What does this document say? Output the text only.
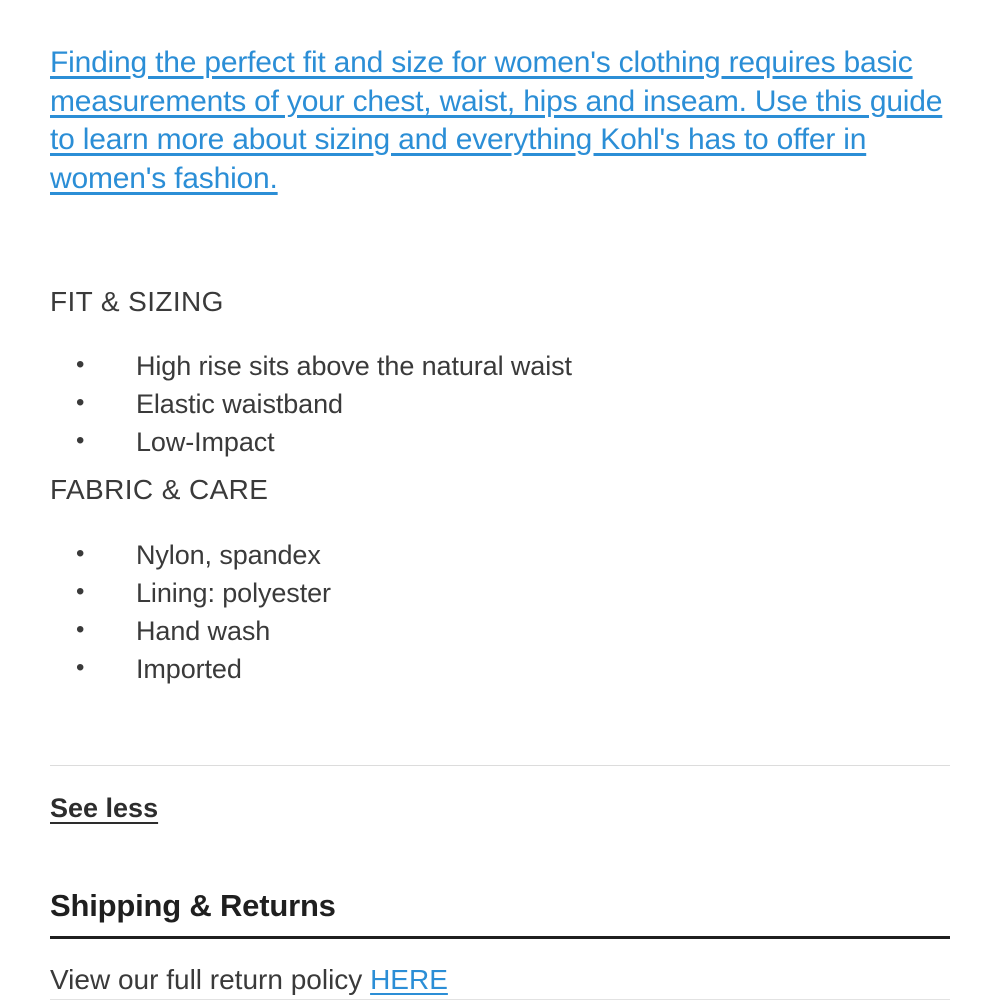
Finding the perfect fit and size for women's clothing requires basic measurements of your chest, waist, hips and inseam. Use this guide to learn more about sizing and everything Kohl's has to offer in women's fashion.
FIT & SIZING
• High rise sits above the natural waist
• Elastic waistband
• Low-Impact
FABRIC & CARE
• Nylon, spandex
• Lining: polyester
• Hand wash
• Imported
See less
Shipping & Returns
View our full return policy HERE
